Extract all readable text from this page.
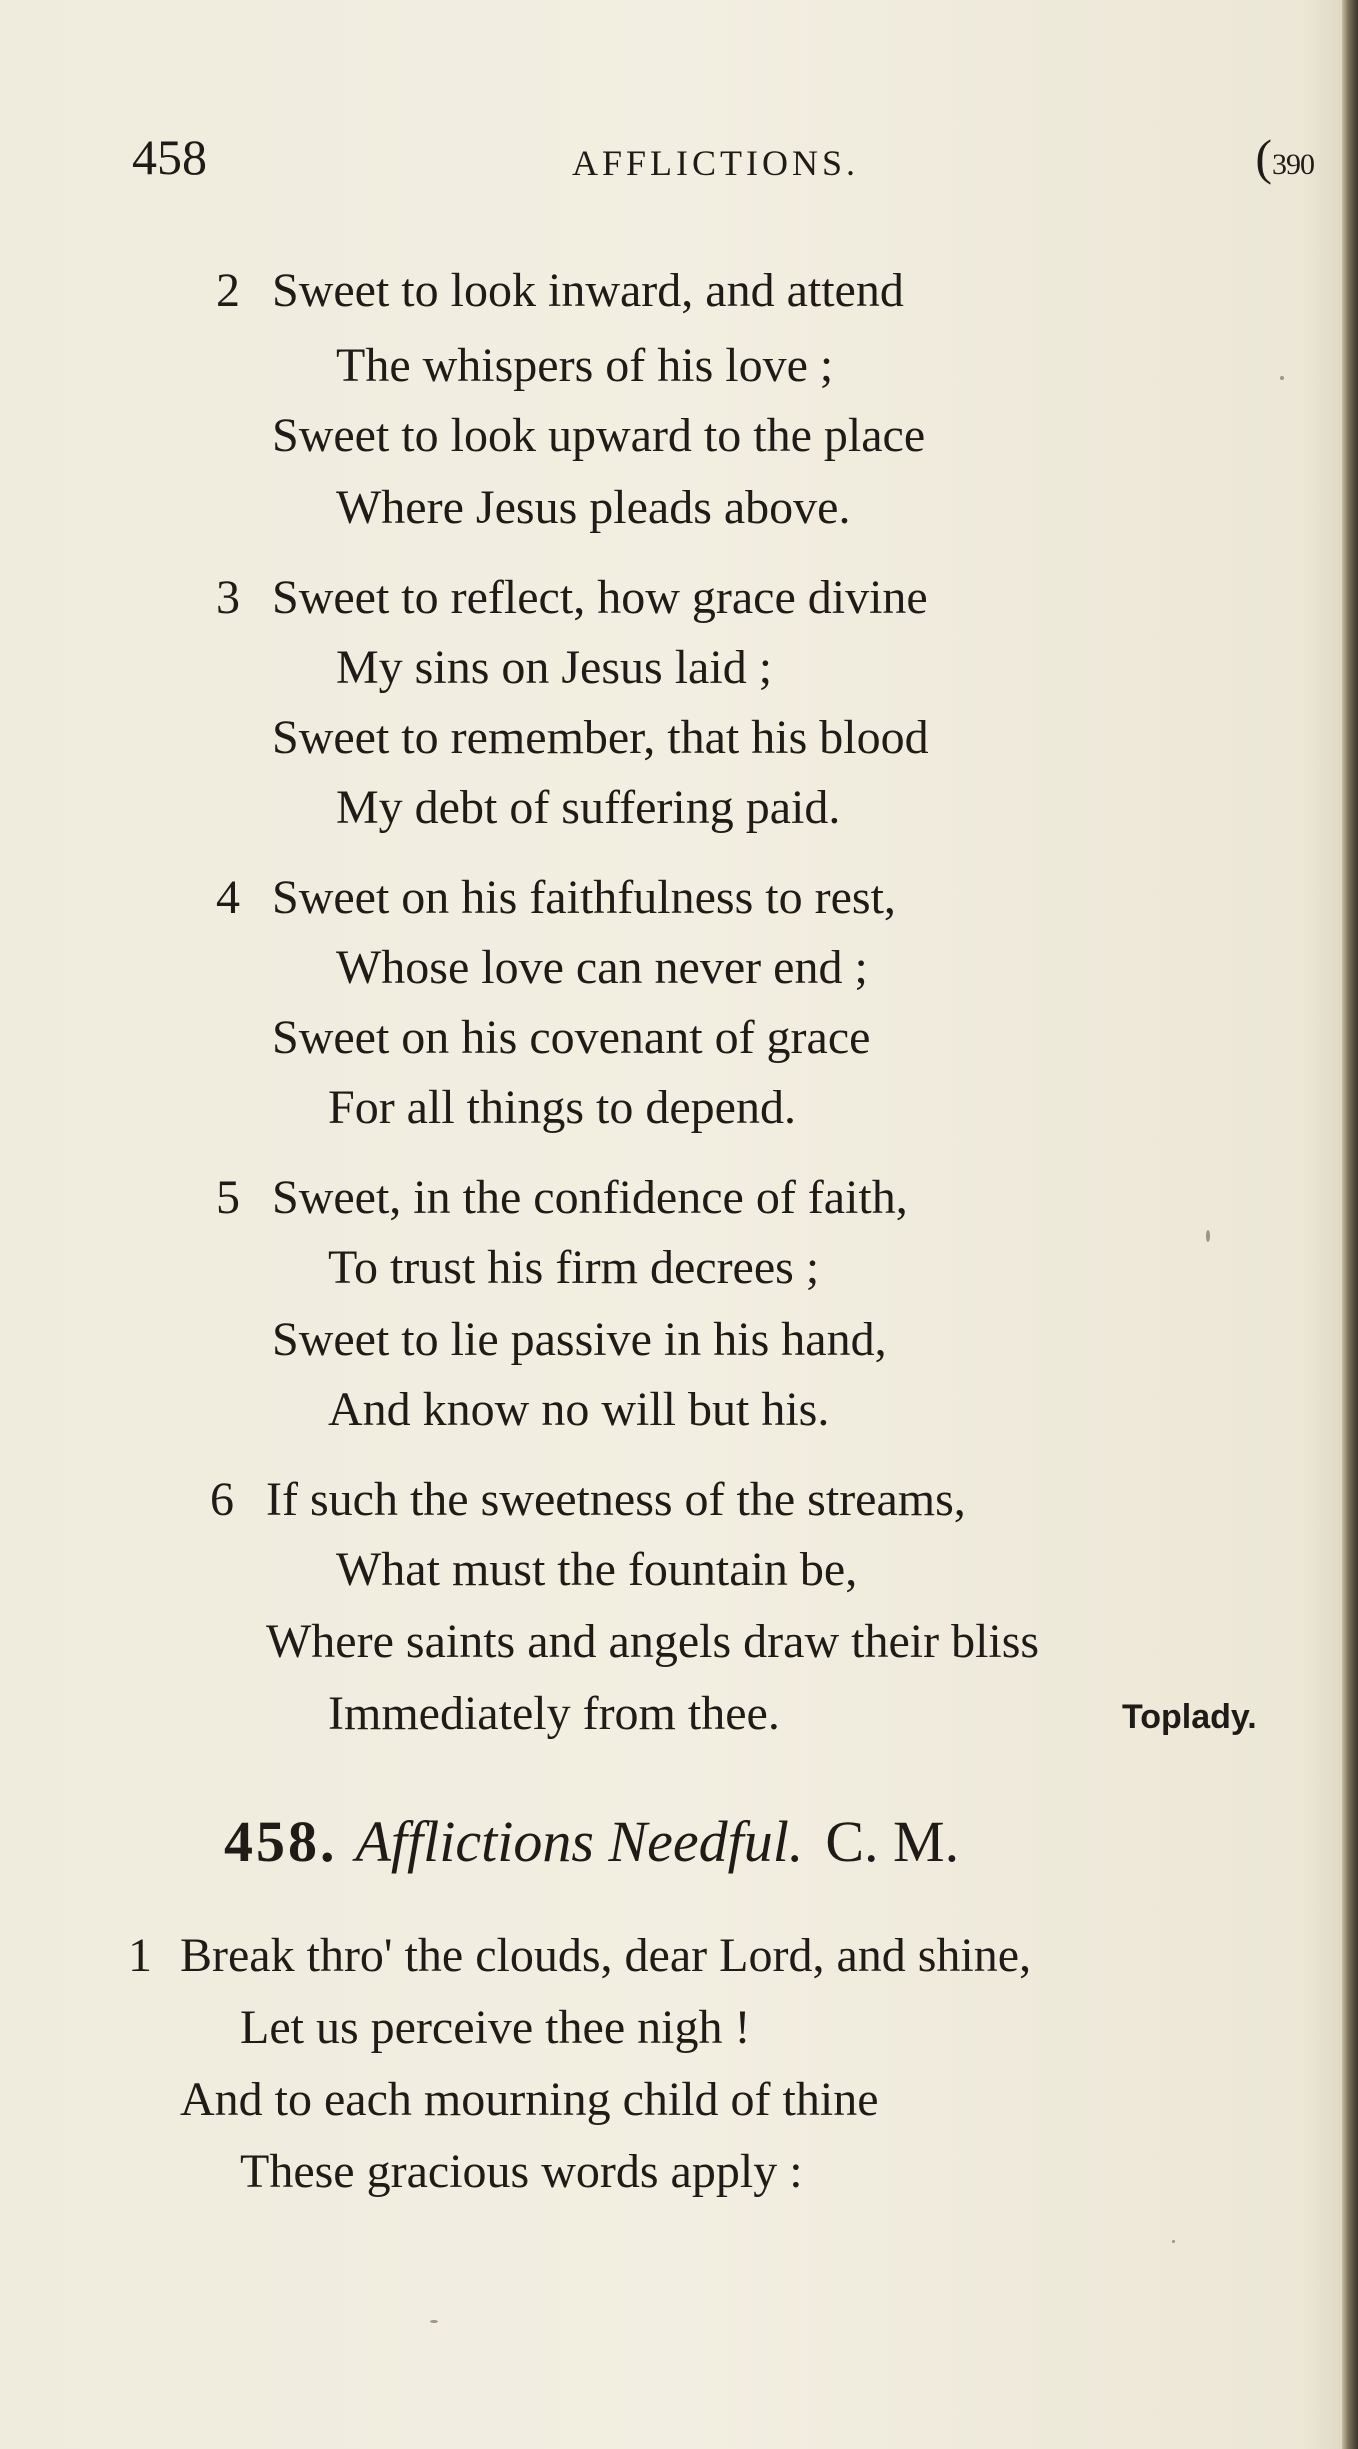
458	AFFLICTIONS.	(390
2 Sweet to look inward, and attend
The whispers of his love ;
Sweet to look upward to the place
Where Jesus pleads above.
3 Sweet to reflect, how grace divine
My sins on Jesus laid ;
Sweet to remember, that his blood
My debt of suffering paid.
4 Sweet on his faithfulness to rest,
Whose love can never end ;
Sweet on his covenant of grace
For all things to depend.
5 Sweet, in the confidence of faith,
To trust his firm decrees ;
Sweet to lie passive in his hand,
And know no will but his.
6 If such the sweetness of the streams,
What must the fountain be,
Where saints and angels draw their bliss
Immediately from thee.	Toplady.
458. Afflictions Needful. C. M.
1 Break thro' the clouds, dear Lord, and shine,
Let us perceive thee nigh !
And to each mourning child of thine
These gracious words apply :
